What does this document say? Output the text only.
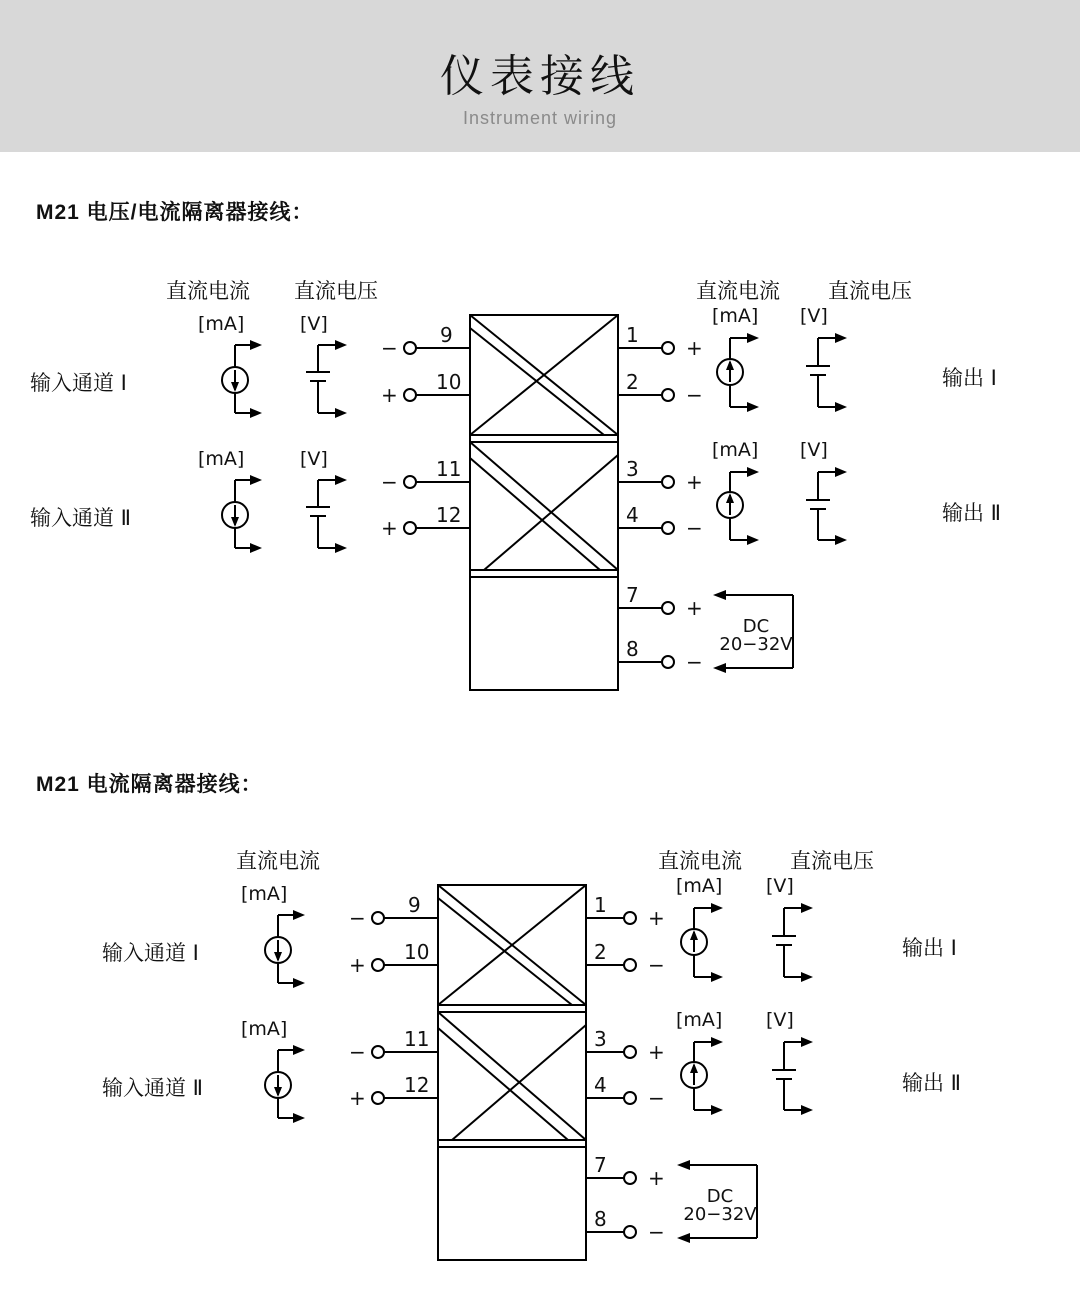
仪表接线
Instrument wiring
M21 电压/电流隔离器接线：
M21 电流隔离器接线：
直流电流 直流电压	直流电流 直流电压
输入通道 Ⅰ
输入通道 Ⅱ
输出 Ⅰ
输出 Ⅱ
[mA]	[V]
[mA]	[V]
[mA] [V]
[mA] [V]
−
9
+
10
−
11
+
12
1
+
2
−
3
+
4
−
7
+
8
−
DC
20−32V
直流电流	直流电流 直流电压
输入通道 Ⅰ
输入通道 Ⅱ
输出 Ⅰ
输出 Ⅱ
[mA]
[mA]
[mA] [V]
[mA] [V]
−
9
+
10
−
11
+
12
1
+
2
−
3
+
4
−
7
+
8
−
DC
20−32V
